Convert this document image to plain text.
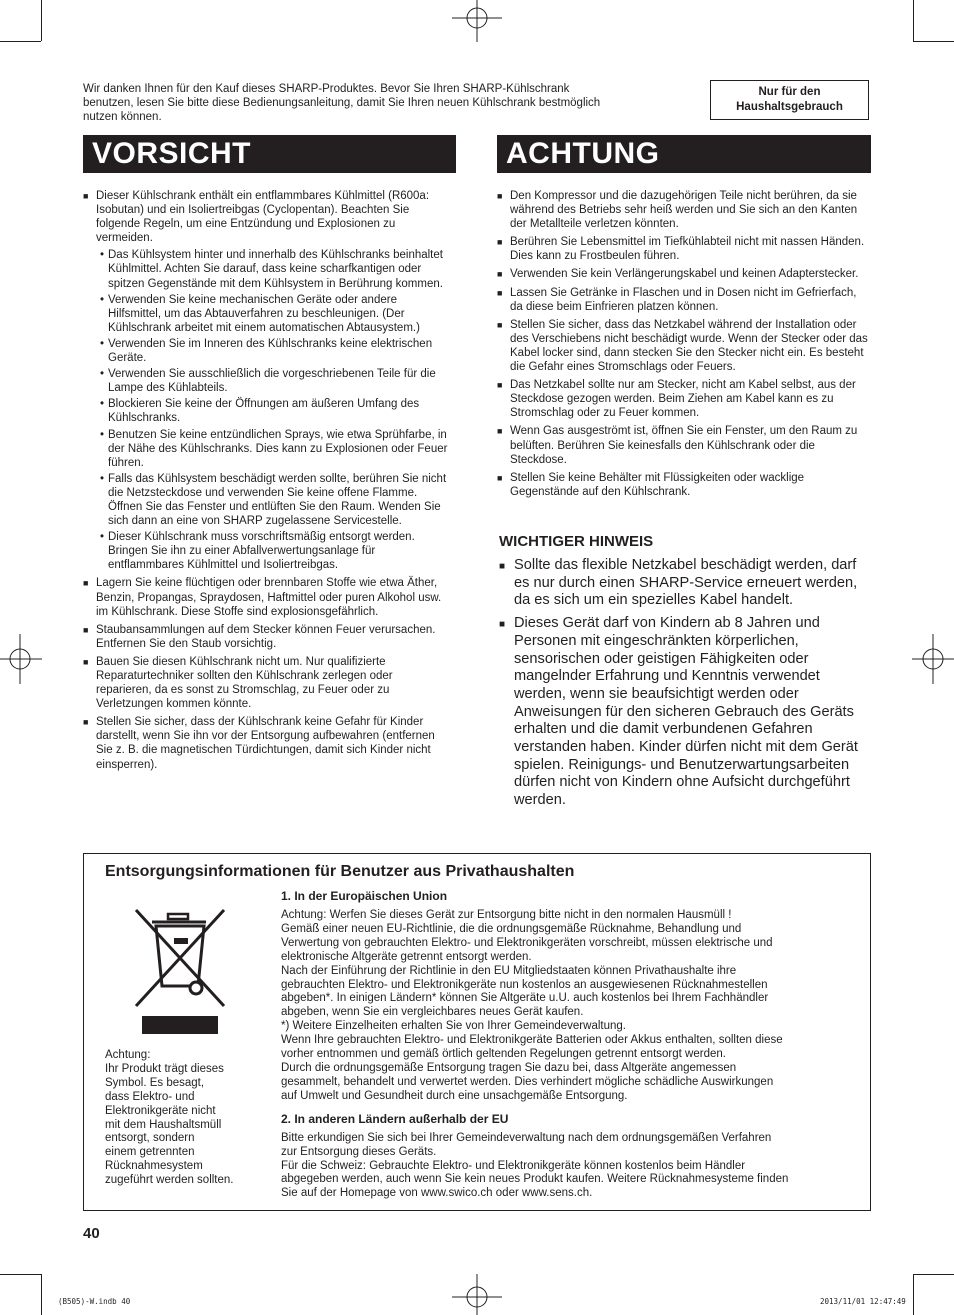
Wir danken Ihnen für den Kauf dieses SHARP-Produktes. Bevor Sie Ihren SHARP-Kühlschrank
benutzen, lesen Sie bitte diese Bedienungsanleitung, damit Sie Ihren neuen Kühlschrank bestmöglich
nutzen können.
Nur für den
Haushaltsgebrauch
VORSICHT	ACHTUNG
■ Dieser Kühlschrank enthält ein entflammbares Kühlmittel (R600a: Isobutan) und ein Isoliertreibgas (Cyclopentan). Beachten Sie folgende Regeln, um eine Entzündung und Explosionen zu vermeiden.
• Das Kühlsystem hinter und innerhalb des Kühlschranks beinhaltet Kühlmittel. Achten Sie darauf, dass keine scharfkantigen oder spitzen Gegenstände mit dem Kühlsystem in Berührung kommen.
• Verwenden Sie keine mechanischen Geräte oder andere Hilfsmittel, um das Abtauverfahren zu beschleunigen. (Der Kühlschrank arbeitet mit einem automatischen Abtausystem.)
• Verwenden Sie im Inneren des Kühlschranks keine elektrischen Geräte.
• Verwenden Sie ausschließlich die vorgeschriebenen Teile für die Lampe des Kühlabteils.
• Blockieren Sie keine der Öffnungen am äußeren Umfang des Kühlschranks.
• Benutzen Sie keine entzündlichen Sprays, wie etwa Sprühfarbe, in der Nähe des Kühlschranks. Dies kann zu Explosionen oder Feuer führen.
• Falls das Kühlsystem beschädigt werden sollte, berühren Sie nicht die Netzsteckdose und verwenden Sie keine offene Flamme. Öffnen Sie das Fenster und entlüften Sie den Raum. Wenden Sie sich dann an eine von SHARP zugelassene Servicestelle.
• Dieser Kühlschrank muss vorschriftsmäßig entsorgt werden. Bringen Sie ihn zu einer Abfallverwertungsanlage für entflammbares Kühlmittel und Isoliertreibgas.
■ Lagern Sie keine flüchtigen oder brennbaren Stoffe wie etwa Äther, Benzin, Propangas, Spraydosen, Haftmittel oder puren Alkohol usw. im Kühlschrank. Diese Stoffe sind explosionsgefährlich.
■ Staubansammlungen auf dem Stecker können Feuer verursachen. Entfernen Sie den Staub vorsichtig.
■ Bauen Sie diesen Kühlschrank nicht um. Nur qualifizierte Reparaturtechniker sollten den Kühlschrank zerlegen oder reparieren, da es sonst zu Stromschlag, zu Feuer oder zu Verletzungen kommen könnte.
■ Stellen Sie sicher, dass der Kühlschrank keine Gefahr für Kinder darstellt, wenn Sie ihn vor der Entsorgung aufbewahren (entfernen Sie z. B. die magnetischen Türdichtungen, damit sich Kinder nicht einsperren).
■ Den Kompressor und die dazugehörigen Teile nicht berühren, da sie während des Betriebs sehr heiß werden und Sie sich an den Kanten der Metallteile verletzen könnten.
■ Berühren Sie Lebensmittel im Tiefkühlabteil nicht mit nassen Händen. Dies kann zu Frostbeulen führen.
■ Verwenden Sie kein Verlängerungskabel und keinen Adapterstecker.
■ Lassen Sie Getränke in Flaschen und in Dosen nicht im Gefrierfach, da diese beim Einfrieren platzen können.
■ Stellen Sie sicher, dass das Netzkabel während der Installation oder des Verschiebens nicht beschädigt wurde. Wenn der Stecker oder das Kabel locker sind, dann stecken Sie den Stecker nicht ein. Es besteht die Gefahr eines Stromschlags oder Feuers.
■ Das Netzkabel sollte nur am Stecker, nicht am Kabel selbst, aus der Steckdose gezogen werden. Beim Ziehen am Kabel kann es zu Stromschlag oder zu Feuer kommen.
■ Wenn Gas ausgeströmt ist, öffnen Sie ein Fenster, um den Raum zu belüften. Berühren Sie keinesfalls den Kühlschrank oder die Steckdose.
■ Stellen Sie keine Behälter mit Flüssigkeiten oder wacklige Gegenstände auf den Kühlschrank.
WICHTIGER HINWEIS
■ Sollte das flexible Netzkabel beschädigt werden, darf es nur durch einen SHARP-Service erneuert werden, da es sich um ein spezielles Kabel handelt.
■ Dieses Gerät darf von Kindern ab 8 Jahren und Personen mit eingeschränkten körperlichen, sensorischen oder geistigen Fähigkeiten oder mangelnder Erfahrung und Kenntnis verwendet werden, wenn sie beaufsichtigt werden oder Anweisungen für den sicheren Gebrauch des Geräts erhalten und die damit verbundenen Gefahren verstanden haben. Kinder dürfen nicht mit dem Gerät spielen. Reinigungs- und Benutzerwartungsarbeiten dürfen nicht von Kindern ohne Aufsicht durchgeführt werden.
Entsorgungsinformationen für Benutzer aus Privathaushalten
Achtung:
Ihr Produkt trägt dieses
Symbol. Es besagt,
dass Elektro- und
Elektronikgeräte nicht
mit dem Haushaltsmüll
entsorgt, sondern
einem getrennten
Rücknahmesystem
zugeführt werden sollten.
1. In der Europäischen Union
Achtung: Werfen Sie dieses Gerät zur Entsorgung bitte nicht in den normalen Hausmüll !
Gemäß einer neuen EU-Richtlinie, die die ordnungsgemäße Rücknahme, Behandlung und
Verwertung von gebrauchten Elektro- und Elektronikgeräten vorschreibt, müssen elektrische und
elektronische Altgeräte getrennt entsorgt werden.
Nach der Einführung der Richtlinie in den EU Mitgliedstaaten können Privathaushalte ihre
gebrauchten Elektro- und Elektronikgeräte nun kostenlos an ausgewiesenen Rücknahmestellen
abgeben*. In einigen Ländern* können Sie Altgeräte u.U. auch kostenlos bei Ihrem Fachhändler
abgeben, wenn Sie ein vergleichbares neues Gerät kaufen.
*) Weitere Einzelheiten erhalten Sie von Ihrer Gemeindeverwaltung.
Wenn Ihre gebrauchten Elektro- und Elektronikgeräte Batterien oder Akkus enthalten, sollten diese
vorher entnommen und gemäß örtlich geltenden Regelungen getrennt entsorgt werden.
Durch die ordnungsgemäße Entsorgung tragen Sie dazu bei, dass Altgeräte angemessen
gesammelt, behandelt und verwertet werden. Dies verhindert mögliche schädliche Auswirkungen
auf Umwelt und Gesundheit durch eine unsachgemäße Entsorgung.
2. In anderen Ländern außerhalb der EU
Bitte erkundigen Sie sich bei Ihrer Gemeindeverwaltung nach dem ordnungsgemäßen Verfahren
zur Entsorgung dieses Geräts.
Für die Schweiz: Gebrauchte Elektro- und Elektronikgeräte können kostenlos beim Händler
abgegeben werden, auch wenn Sie kein neues Produkt kaufen. Weitere Rücknahmesysteme finden
Sie auf der Homepage von www.swico.ch oder www.sens.ch.
40
(B505)-W.indb 40	2013/11/01 12:47:49
